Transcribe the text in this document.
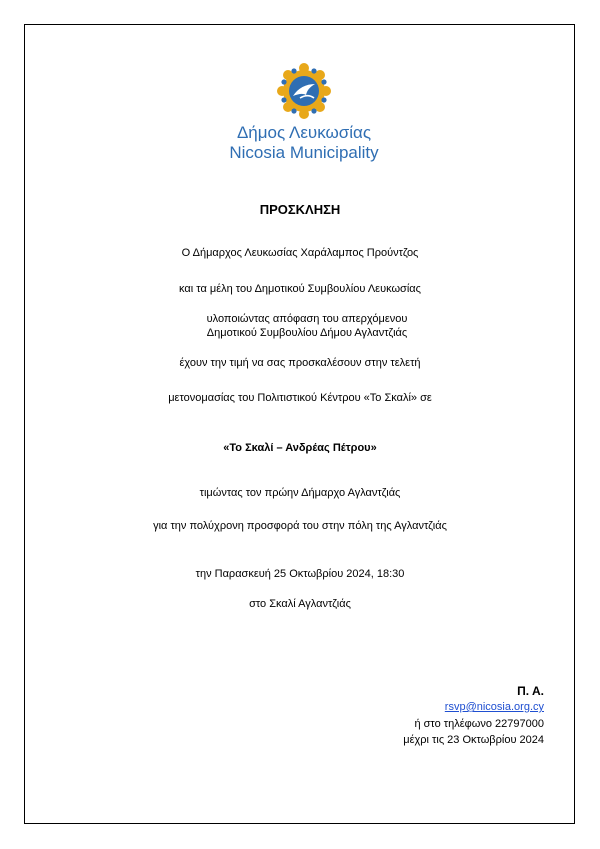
Δήμος Λευκωσίας
Nicosia Municipality
ΠΡΟΣΚΛΗΣΗ
Ο Δήμαρχος Λευκωσίας Χαράλαμπος Προύντζος
και τα μέλη του Δημοτικού Συμβουλίου Λευκωσίας
υλοποιώντας απόφαση του απερχόμενου
Δημοτικού Συμβουλίου Δήμου Αγλαντζιάς
έχουν την τιμή να σας προσκαλέσουν στην τελετή
μετονομασίας του Πολιτιστικού Κέντρου «Το Σκαλί» σε
«Το Σκαλί – Ανδρέας Πέτρου»
τιμώντας τον πρώην Δήμαρχο Αγλαντζιάς
για την πολύχρονη προσφορά του στην πόλη της Αγλαντζιάς
την Παρασκευή 25 Οκτωβρίου 2024, 18:30
στο Σκαλί Αγλαντζιάς
Π. Α.
rsvp@nicosia.org.cy
ή στο τηλέφωνο 22797000
μέχρι τις 23 Οκτωβρίου 2024
